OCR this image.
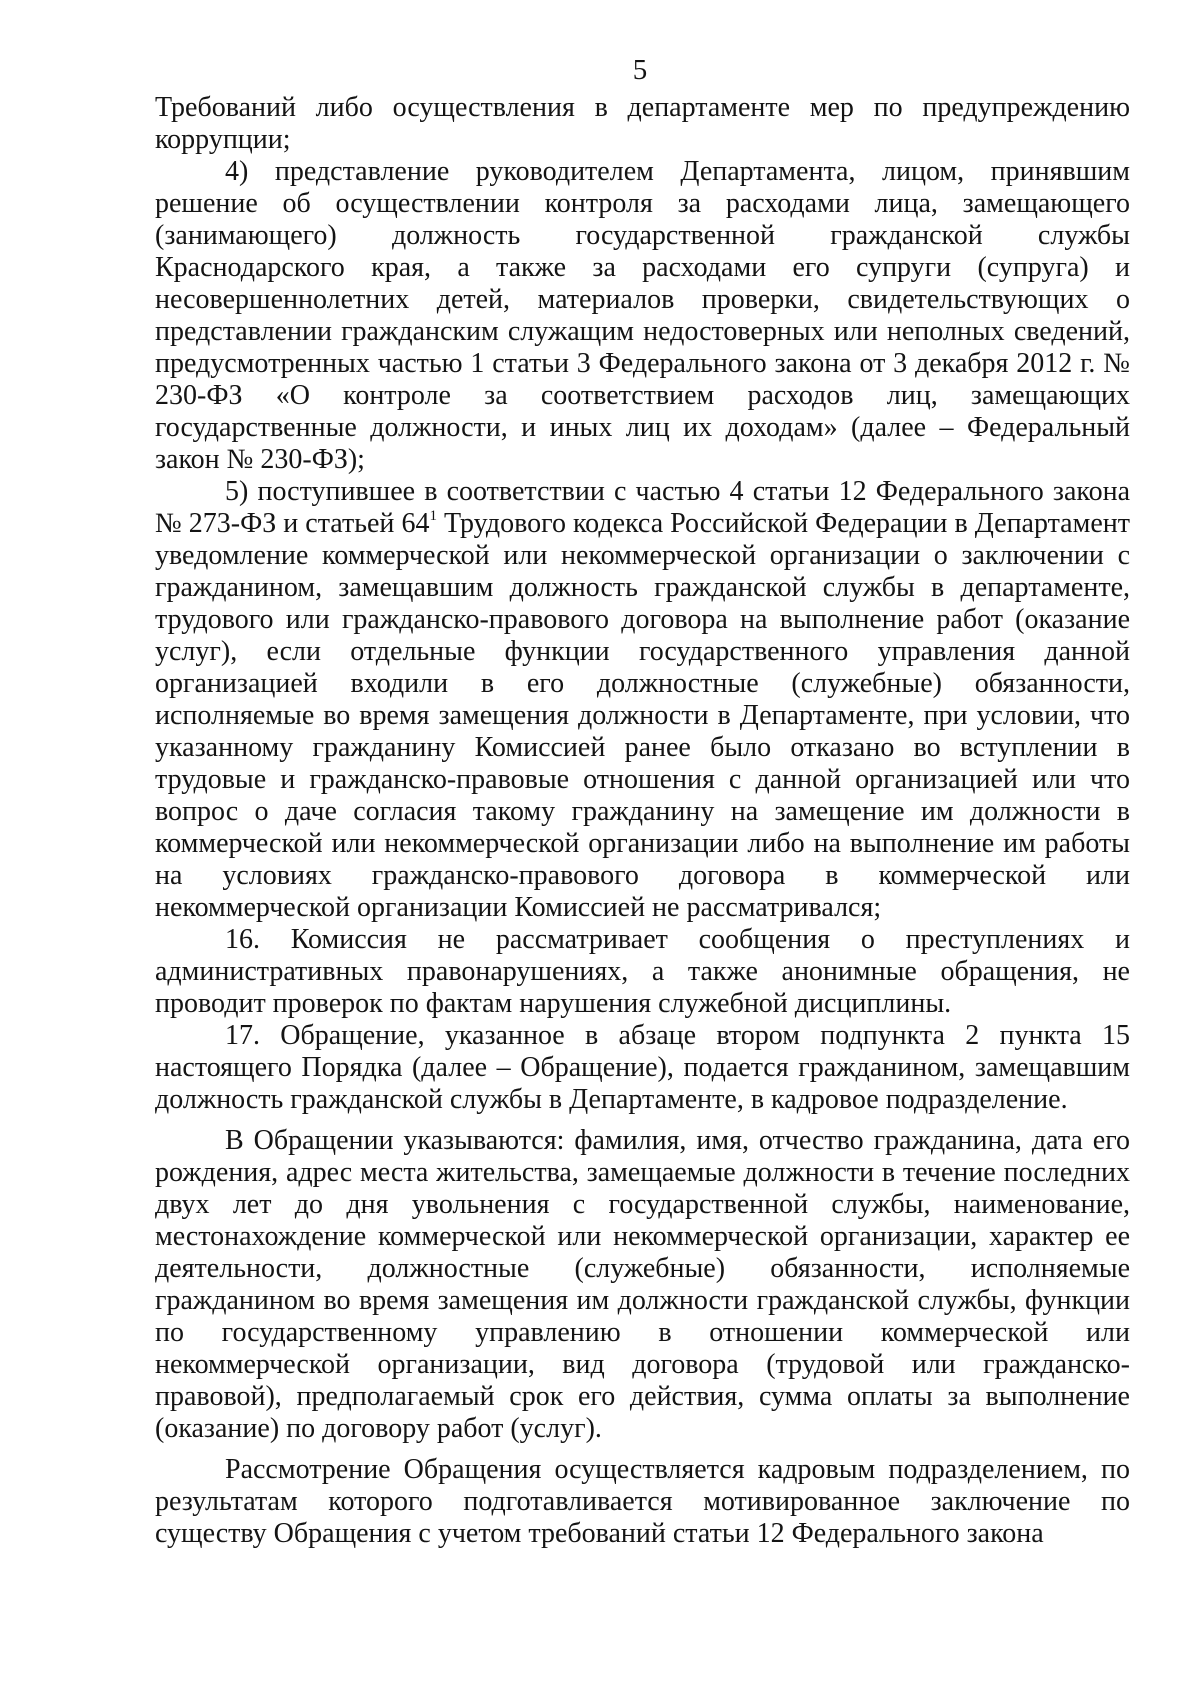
5

Требований либо осуществления в департаменте мер по предупреждению коррупции;

4) представление руководителем Департамента, лицом, принявшим решение об осуществлении контроля за расходами лица, замещающего (занимающего) должность государственной гражданской службы Краснодарского края, а также за расходами его супруги (супруга) и несовершеннолетних детей, материалов проверки, свидетельствующих о представлении гражданским служащим недостоверных или неполных сведений, предусмотренных частью 1 статьи 3 Федерального закона от 3 декабря 2012 г. № 230-ФЗ «О контроле за соответствием расходов лиц, замещающих государственные должности, и иных лиц их доходам» (далее – Федеральный закон № 230-ФЗ);

5) поступившее в соответствии с частью 4 статьи 12 Федерального закона № 273-ФЗ и статьей $64^1$ Трудового кодекса Российской Федерации в Департамент уведомление коммерческой или некоммерческой организации о заключении с гражданином, замещавшим должность гражданской службы в департаменте, трудового или гражданско-правового договора на выполнение работ (оказание услуг), если отдельные функции государственного управления данной организацией входили в его должностные (служебные) обязанности, исполняемые во время замещения должности в Департаменте, при условии, что указанному гражданину Комиссией ранее было отказано во вступлении в трудовые и гражданско-правовые отношения с данной организацией или что вопрос о даче согласия такому гражданину на замещение им должности в коммерческой или некоммерческой организации либо на выполнение им работы на условиях гражданско-правового договора в коммерческой или некоммерческой организации Комиссией не рассматривался;

16. Комиссия не рассматривает сообщения о преступлениях и административных правонарушениях, а также анонимные обращения, не проводит проверок по фактам нарушения служебной дисциплины.

17. Обращение, указанное в абзаце втором подпункта 2 пункта 15 настоящего Порядка (далее – Обращение), подается гражданином, замещавшим должность гражданской службы в Департаменте, в кадровое подразделение.

В Обращении указываются: фамилия, имя, отчество гражданина, дата его рождения, адрес места жительства, замещаемые должности в течение последних двух лет до дня увольнения с государственной службы, наименование, местонахождение коммерческой или некоммерческой организации, характер ее деятельности, должностные (служебные) обязанности, исполняемые гражданином во время замещения им должности гражданской службы, функции по государственному управлению в отношении коммерческой или некоммерческой организации, вид договора (трудовой или гражданско-правовой), предполагаемый срок его действия, сумма оплаты за выполнение (оказание) по договору работ (услуг).

Рассмотрение Обращения осуществляется кадровым подразделением, по результатам которого подготавливается мотивированное заключение по существу Обращения с учетом требований статьи 12 Федерального закона
